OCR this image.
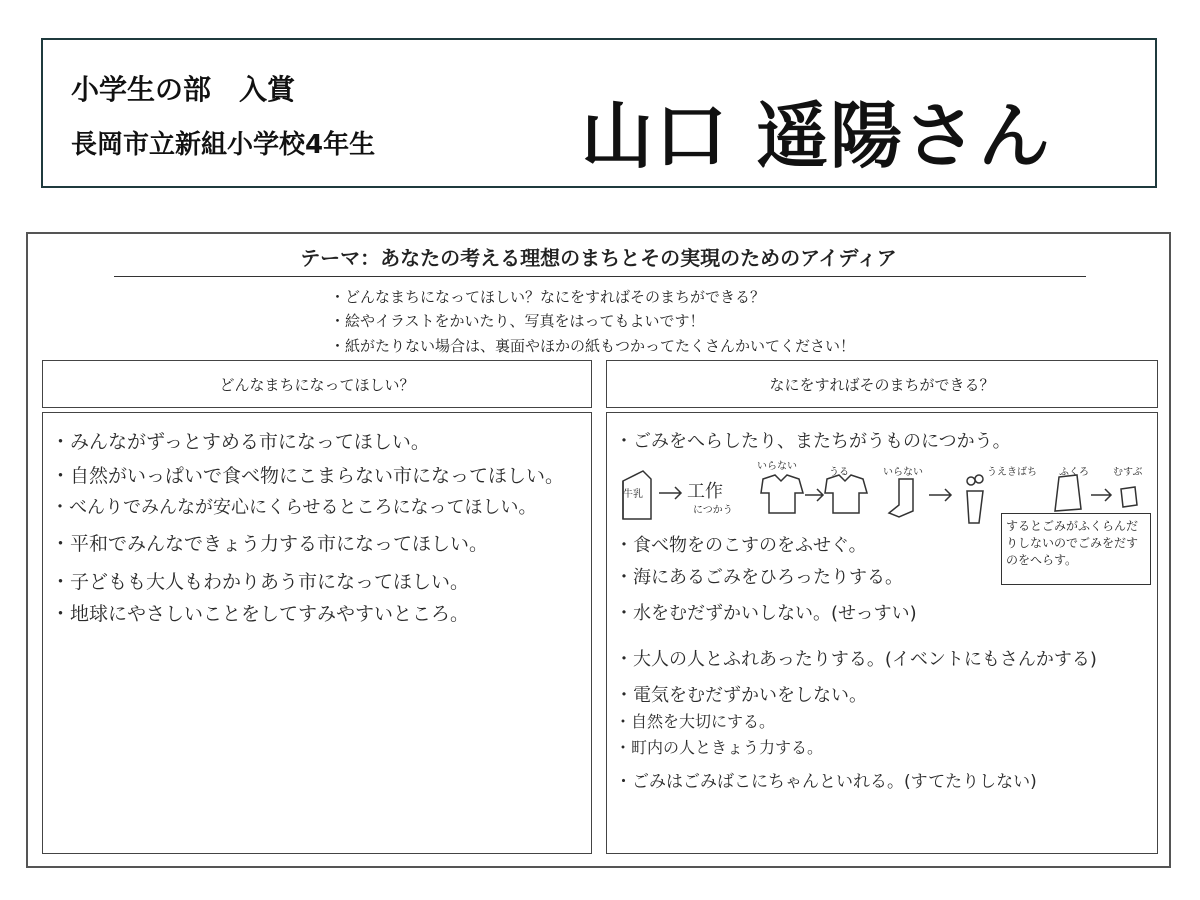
小学生の部　入賞
長岡市立新組小学校4年生	山口 遥陽さん
テーマ：あなたの考える理想のまちとその実現のためのアイディア
・どんなまちになってほしい？なにをすればそのまちができる？
・絵やイラストをかいたり、写真をはってもよいです！
・紙がたりない場合は、裏面やほかの紙もつかってたくさんかいてください！
どんなまちになってほしい？
・みんながずっとすめる市になってほしい。
・自然がいっぱいで食べ物にこまらない市になってほしい。
・べんりでみんなが安心にくらせるところになってほしい。
・平和でみんなできょう力する市になってほしい。
・子どもも大人もわかりあう市になってほしい。
・地球にやさしいことをしてすみやすいところ。
なにをすればそのまちができる？
・ごみをへらしたり、またちがうものにつかう。
牛乳 工作
につかう
いらない
うる	いらない	うえきばち ふくろ むすぶ
するとごみがふくらんだりしないのでごみをだすのをへらす。
・食べ物をのこすのをふせぐ。
・海にあるごみをひろったりする。
・水をむだずかいしない。(せっすい)
・大人の人とふれあったりする。(イベントにもさんかする)
・電気をむだずかいをしない。
・自然を大切にする。
・町内の人ときょう力する。
・ごみはごみばこにちゃんといれる。(すてたりしない)
